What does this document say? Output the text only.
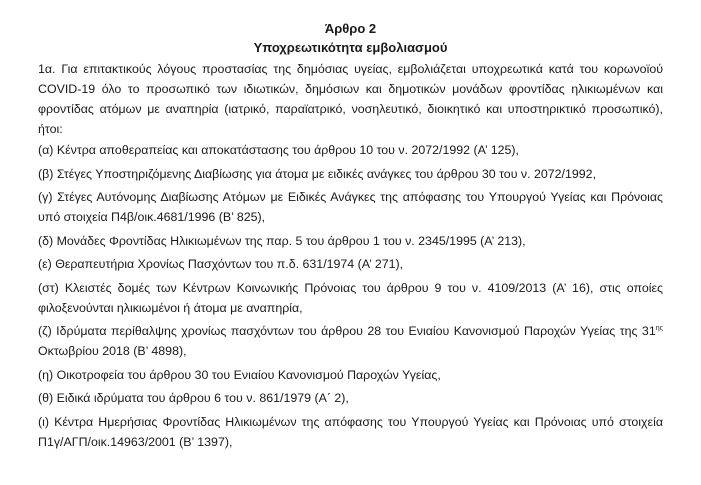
Άρθρο 2
Υποχρεωτικότητα εμβολιασμού
1α. Για επιτακτικούς λόγους προστασίας της δημόσιας υγείας, εμβολιάζεται υποχρεωτικά κατά του κορωνοϊού COVID-19 όλο το προσωπικό των ιδιωτικών, δημόσιων και δημοτικών μονάδων φροντίδας ηλικιωμένων και φροντίδας ατόμων με αναπηρία (ιατρικό, παραϊατρικό, νοσηλευτικό, διοικητικό και υποστηρικτικό προσωπικό), ήτοι:
(α) Κέντρα αποθεραπείας και αποκατάστασης του άρθρου 10 του ν. 2072/1992 (Α’ 125),
(β) Στέγες Υποστηριζόμενης Διαβίωσης για άτομα με ειδικές ανάγκες του άρθρου 30 του ν. 2072/1992,
(γ) Στέγες Αυτόνομης Διαβίωσης Ατόμων με Ειδικές Ανάγκες της απόφασης του Υπουργού Υγείας και Πρόνοιας υπό στοιχεία Π4β/οικ.4681/1996 (Β’ 825),
(δ) Μονάδες Φροντίδας Ηλικιωμένων της παρ. 5 του άρθρου 1 του ν. 2345/1995 (Α’ 213),
(ε) Θεραπευτήρια Χρονίως Πασχόντων του π.δ. 631/1974 (Α’ 271),
(στ) Κλειστές δομές των Κέντρων Κοινωνικής Πρόνοιας του άρθρου 9 του ν. 4109/2013 (Α’ 16), στις οποίες φιλοξενούνται ηλικιωμένοι ή άτομα με αναπηρία,
(ζ) Ιδρύματα περίθαλψης χρονίως πασχόντων του άρθρου 28 του Ενιαίου Κανονισμού Παροχών Υγείας της $31^{\eta\varsigma}$ Οκτωβρίου 2018 (Β’ 4898),
(η) Οικοτροφεία του άρθρου 30 του Ενιαίου Κανονισμού Παροχών Υγείας,
(θ) Ειδικά ιδρύματα του άρθρου 6 του ν. 861/1979 (Α΄ 2),
(ι) Κέντρα Ημερήσιας Φροντίδας Ηλικιωμένων της απόφασης του Υπουργού Υγείας και Πρόνοιας υπό στοιχεία Π1γ/ΑΓΠ/οικ.14963/2001 (Β’ 1397),
